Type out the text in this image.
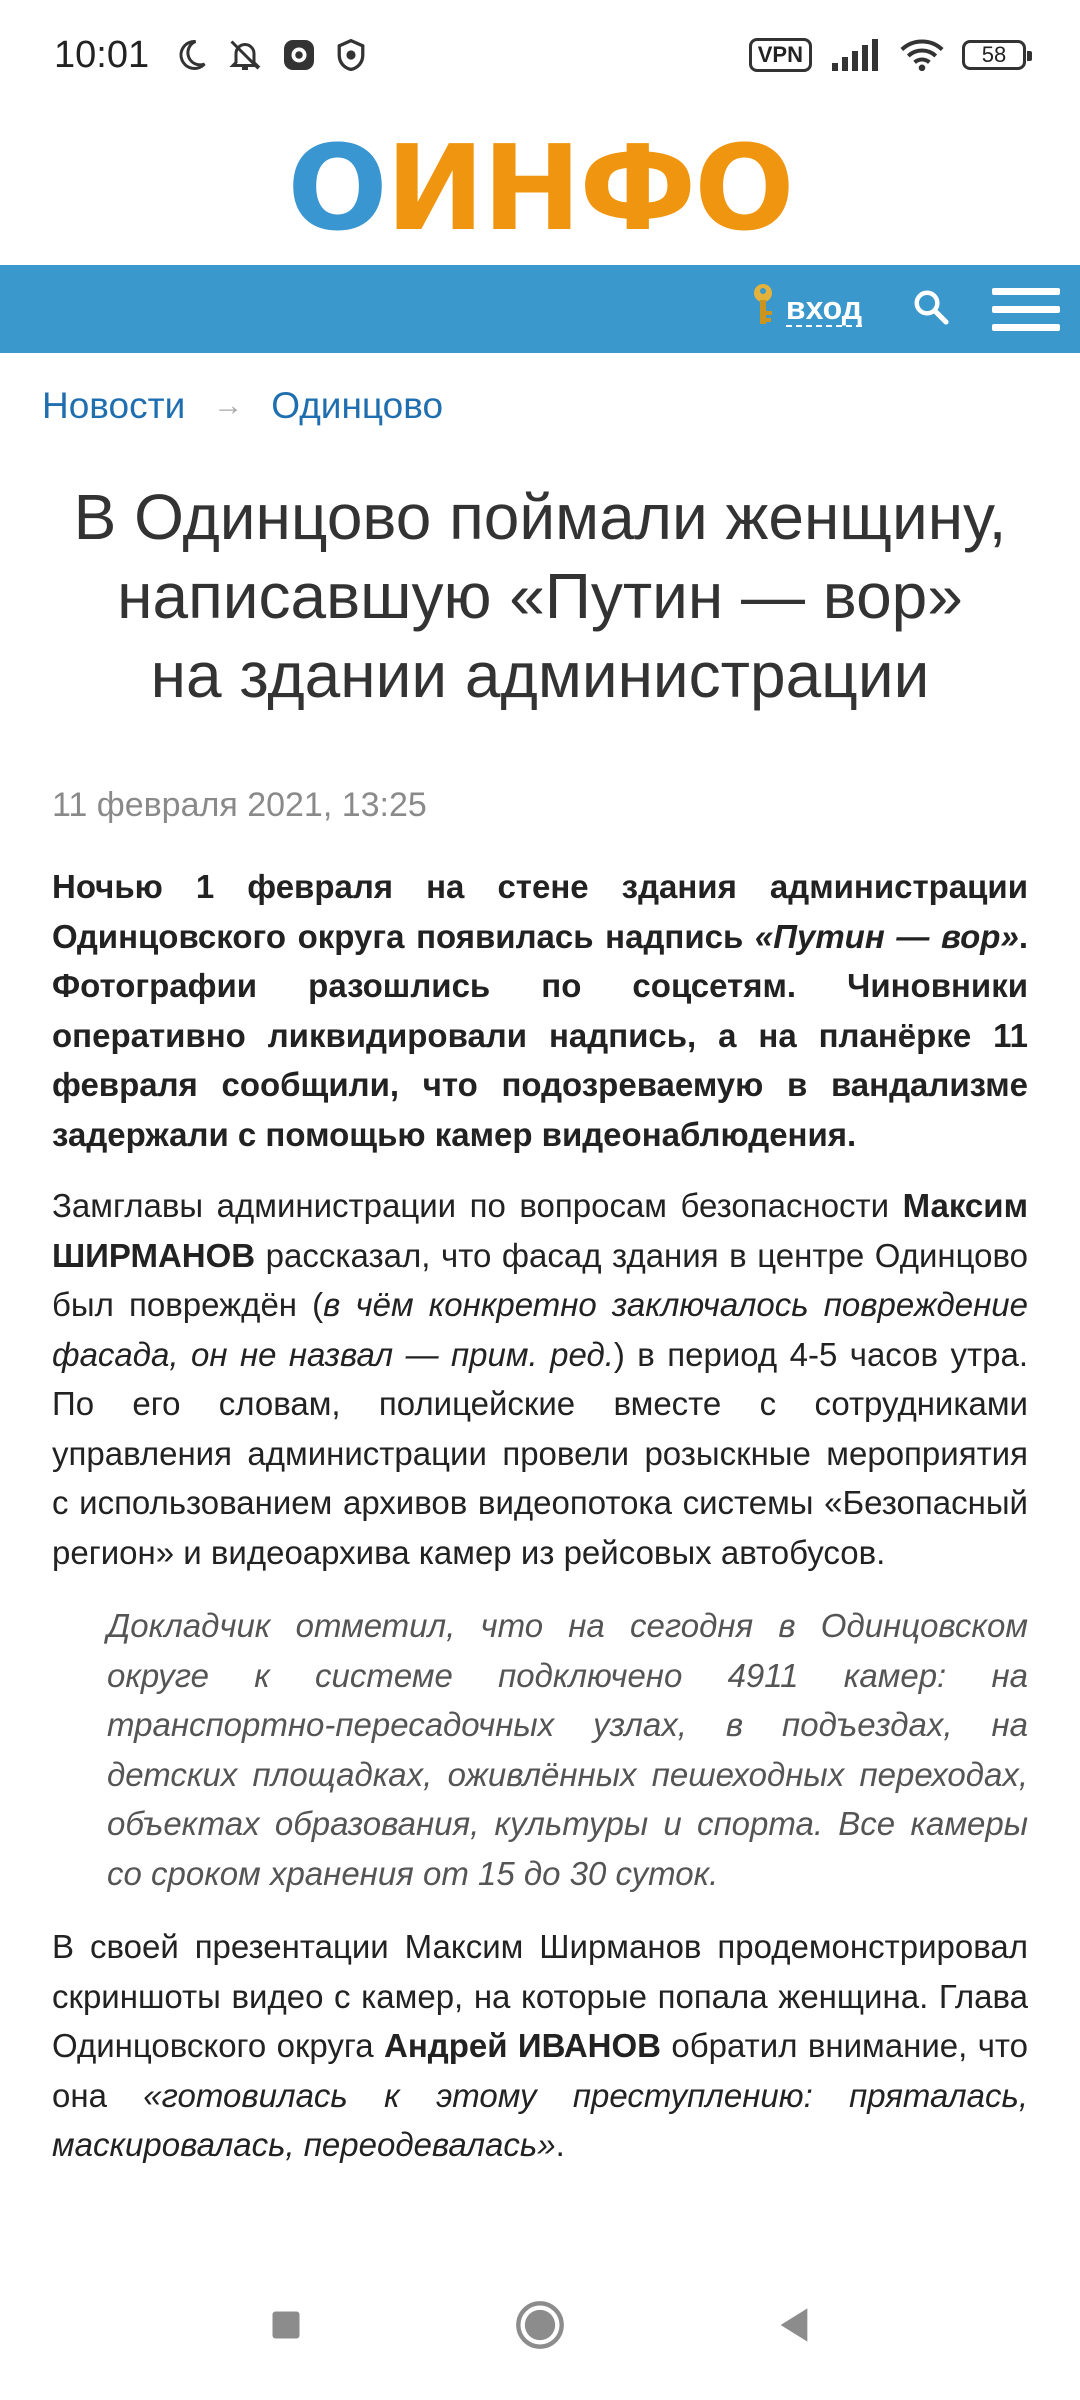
10:01	VPN	58
ОИНФО
вход
Новости → Одинцово
В Одинцово поймали женщину,
написавшую «Путин — вор»
на здании администрации
11 февраля 2021, 13:25

Ночью 1 февраля на стене здания администрации Одинцовского округа появилась надпись «Путин — вор». Фотографии разошлись по соцсетям. Чиновники оперативно ликвидировали надпись, а на планёрке 11 февраля сообщили, что подозреваемую в вандализме задержали с помощью камер видеонаблюдения.

Замглавы администрации по вопросам безопасности Максим ШИРМАНОВ рассказал, что фасад здания в центре Одинцово был повреждён (в чём конкретно заключалось повреждение фасада, он не назвал — прим. ред.) в период 4-5 часов утра. По его словам, полицейские вместе с сотрудниками управления администрации провели розыскные мероприятия с использованием архивов видеопотока системы «Безопасный регион» и видеоархива камер из рейсовых автобусов.

Докладчик отметил, что на сегодня в Одинцовском округе к системе подключено 4911 камер: на транспортно-пересадочных узлах, в подъездах, на детских площадках, оживлённых пешеходных переходах, объектах образования, культуры и спорта. Все камеры со сроком хранения от 15 до 30 суток.

В своей презентации Максим Ширманов продемонстрировал скриншоты видео с камер, на которые попала женщина. Глава Одинцовского округа Андрей ИВАНОВ обратил внимание, что она «готовилась к этому преступлению: пряталась, маскировалась, переодевалась».
